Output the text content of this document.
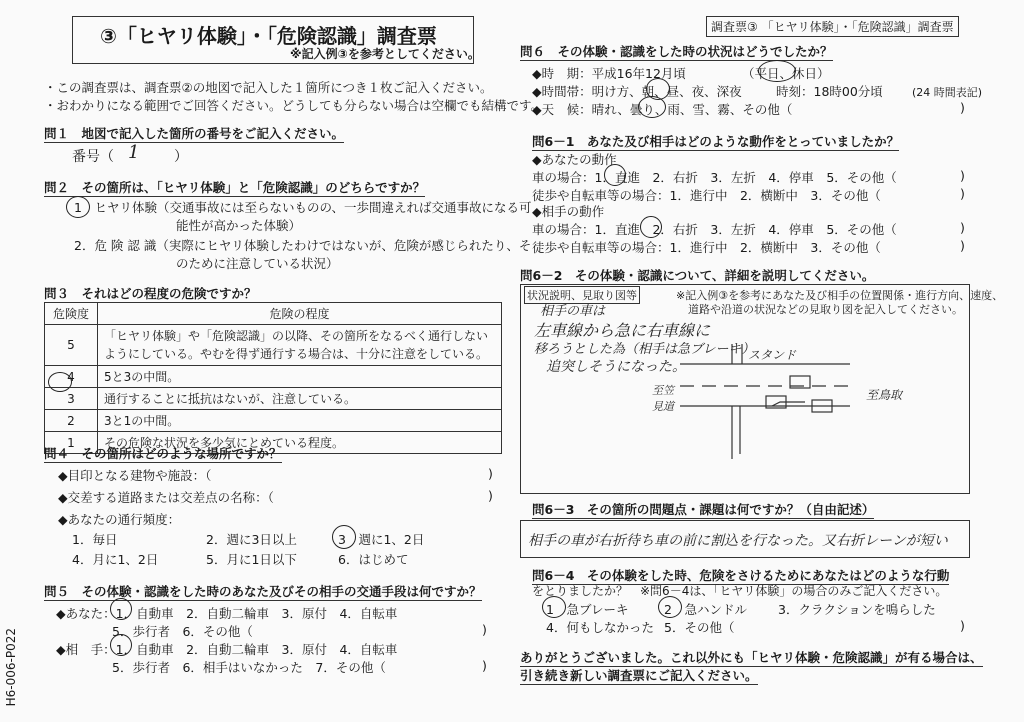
③「ヒヤリ体験」・「危険認識」調査票
※記入例③を参考としてください。
調査票③ 「ヒヤリ体験」・「危険認識」調査票
・この調査票は、調査票②の地図で記入した１箇所につき１枚ご記入ください。
・おわかりになる範囲でご回答ください。どうしても分らない場合は空欄でも結構です。
問１　地図で記入した箇所の番号をご記入ください。
番号（ 1 ）
問２　その箇所は、「ヒヤリ体験」と「危険認識」のどちらですか？
1　ヒヤリ体験（交通事故には至らないものの、一歩間違えれば交通事故になる可
能性が高かった体験）
2．危 険 認 識（実際にヒヤリ体験したわけではないが、危険が感じられたり、そ
のために注意している状況）
問３　それはどの程度の危険ですか？
危険度	危険の程度
5	「ヒヤリ体験」や「危険認識」の以降、その箇所をなるべく通行しない ようにしている。やむを得ず通行する場合は、十分に注意をしている。
4	5と3の中間。
3	通行することに抵抗はないが、注意している。
2	3と1の中間。
1	その危険な状況を多少気にとめている程度。
問４　その箇所はどのような場所ですか？
◆目印となる建物や施設：（	)
◆交差する道路または交差点の名称：（	)
◆あなたの通行頻度：
1．毎日	2．週に3日以上	3　週に1、2日
4．月に1、2日	5．月に1日以下	6．はじめて
問５　その体験・認識をした時のあなた及びその相手の交通手段は何ですか？
◆あなた：1．自動車　2．自動二輪車　3．原付　4．自転車
5．歩行者　6．その他（	)
◆相　手：1．自動車　2．自動二輪車　3．原付　4．自転車
5．歩行者　6．相手はいなかった　7．その他（	)
H6-006-P022
問６　その体験・認識をした時の状況はどうでしたか？
◆時　期：平成16年12月頃	（平日、休日）
◆時間帯：明け方、朝、昼、夜、深夜	時刻：18時00分頃	(24 時間表記)
◆天　候：晴れ、曇り、雨、雪、霧、その他（	)
問6－1　あなた及び相手はどのような動作をとっていましたか？
◆あなたの動作
車の場合：1．直進　2．右折　3．左折　4．停車　5．その他（	)
徒歩や自転車等の場合：1．進行中　2．横断中　3．その他（	)
◆相手の動作
車の場合：1．直進　2．右折　3．左折　4．停車　5．その他（	)
徒歩や自転車等の場合：1．進行中　2．横断中　3．その他（	)
問6－2　その体験・認識について、詳細を説明してください。
状況説明、見取り図等	※記入例③を参考にあなた及び相手の位置関係・進行方向、速度、
道路や沿道の状況などの見取り図を記入してください。
相手の車は
左車線から急に右車線に
移ろうとした為（相手は急ブレーキ）
追突しそうになった。
スタンド
至笠見道
至鳥取
問6－3　その箇所の問題点・課題は何ですか？（自由記述）
相手の車が右折待ち車の前に割込を行なった。又右折レーンが短い
問6－4　その体験をした時、危険をさけるためにあなたはどのような行動
をとりましたか？　※問6－4は、「ヒヤリ体験」の場合のみご記入ください。
1　急ブレーキ	2　急ハンドル 3．クラクションを鳴らした
4．何もしなかった 5．その他（	)
ありがとうございました。これ以外にも「ヒヤリ体験・危険認識」が有る場合は、
引き続き新しい調査票にご記入ください。
